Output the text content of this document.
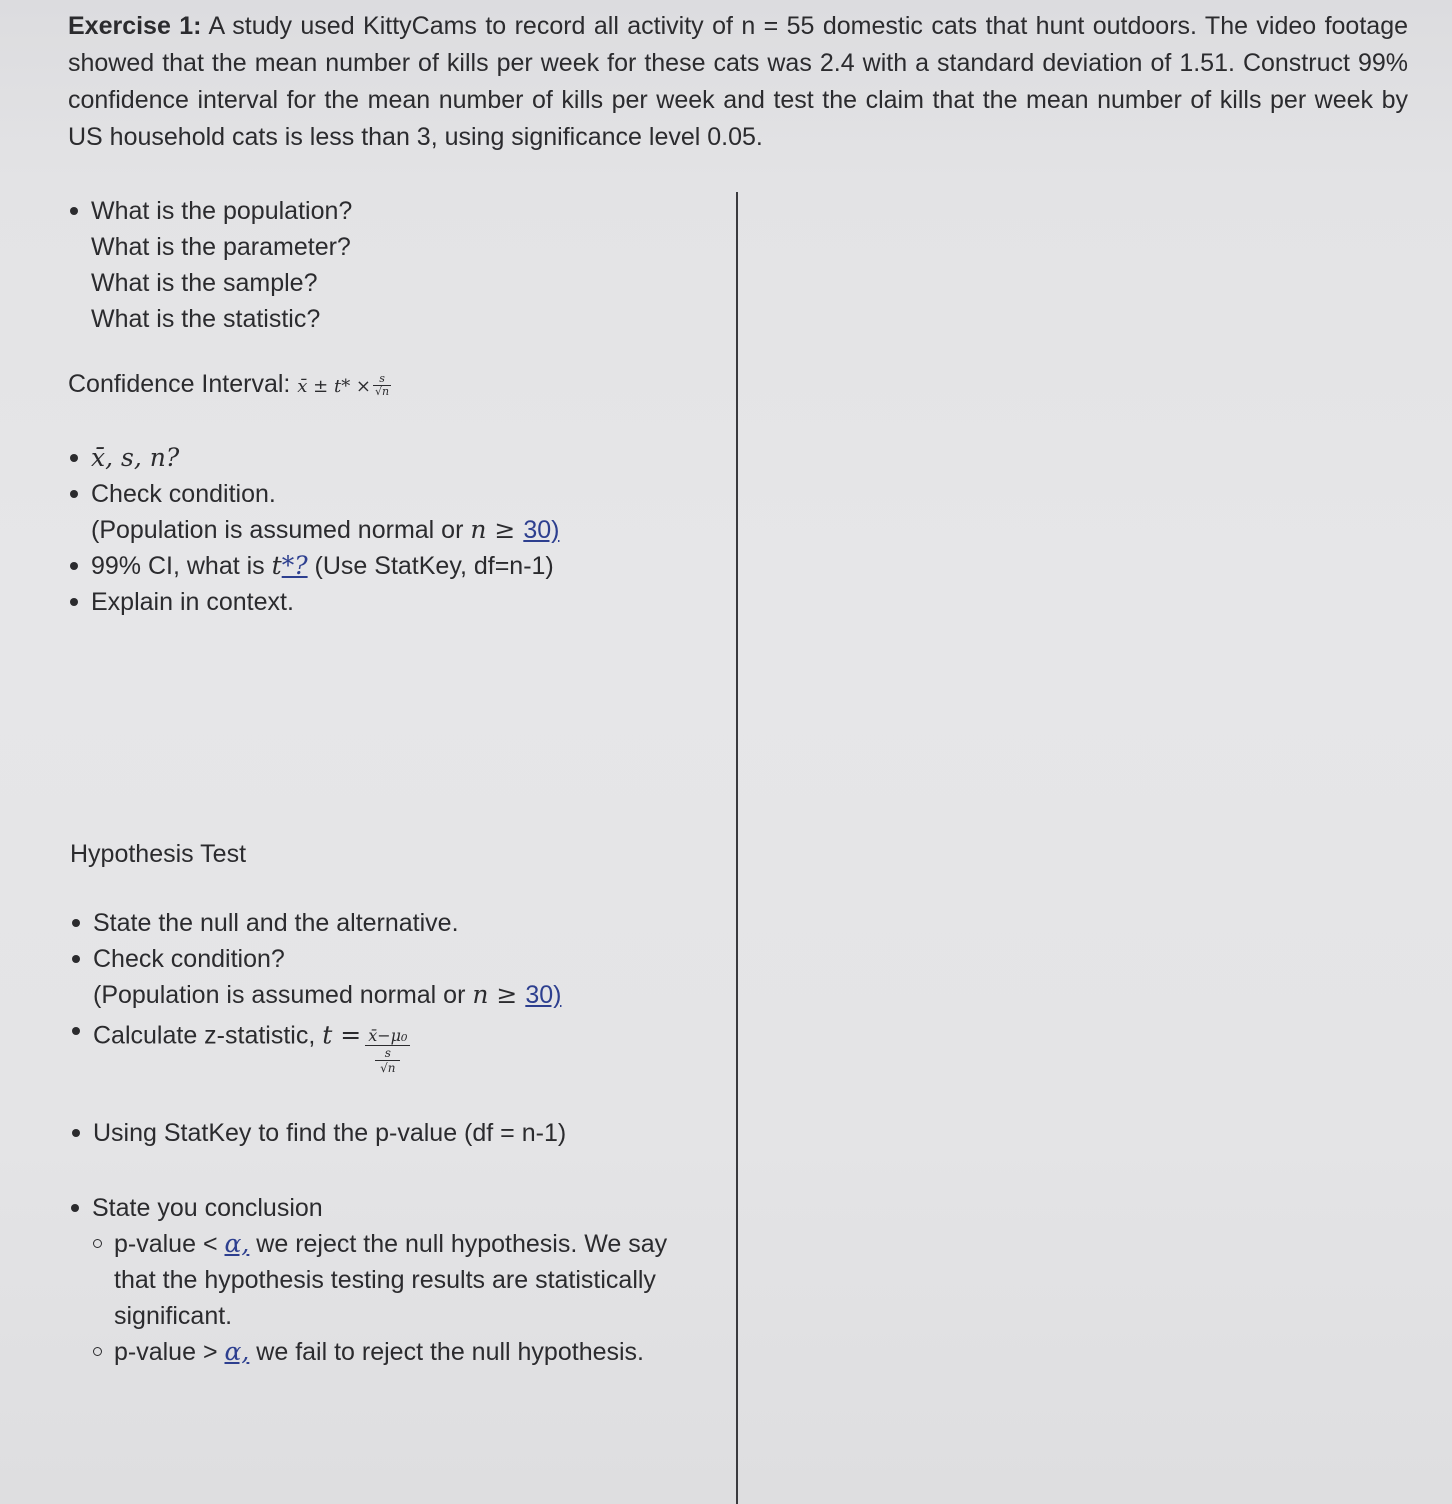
Exercise 1: A study used KittyCams to record all activity of n = 55 domestic cats that hunt outdoors. The video footage showed that the mean number of kills per week for these cats was 2.4 with a standard deviation of 1.51. Construct 99% confidence interval for the mean number of kills per week and test the claim that the mean number of kills per week by US household cats is less than 3, using significance level 0.05.
What is the population?
What is the parameter?
What is the sample?
What is the statistic?
Confidence Interval: x̄ ± $t* \times \frac{s}{√n}$
x̄, s, n?
Check condition.
(Population is assumed normal or n ≥ 30)
99% CI, what is t*? (Use StatKey, df=n-1)
Explain in context.
Hypothesis Test
State the null and the alternative.
Check condition?
(Population is assumed normal or n ≥ 30)
Calculate z-statistic, t = x̄−μ₀
s
√n
Using StatKey to find the p-value (df = n-1)
State you conclusion
p-value < α, we reject the null hypothesis. We say
that the hypothesis testing results are statistically
significant.
p-value > α, we fail to reject the null hypothesis.
